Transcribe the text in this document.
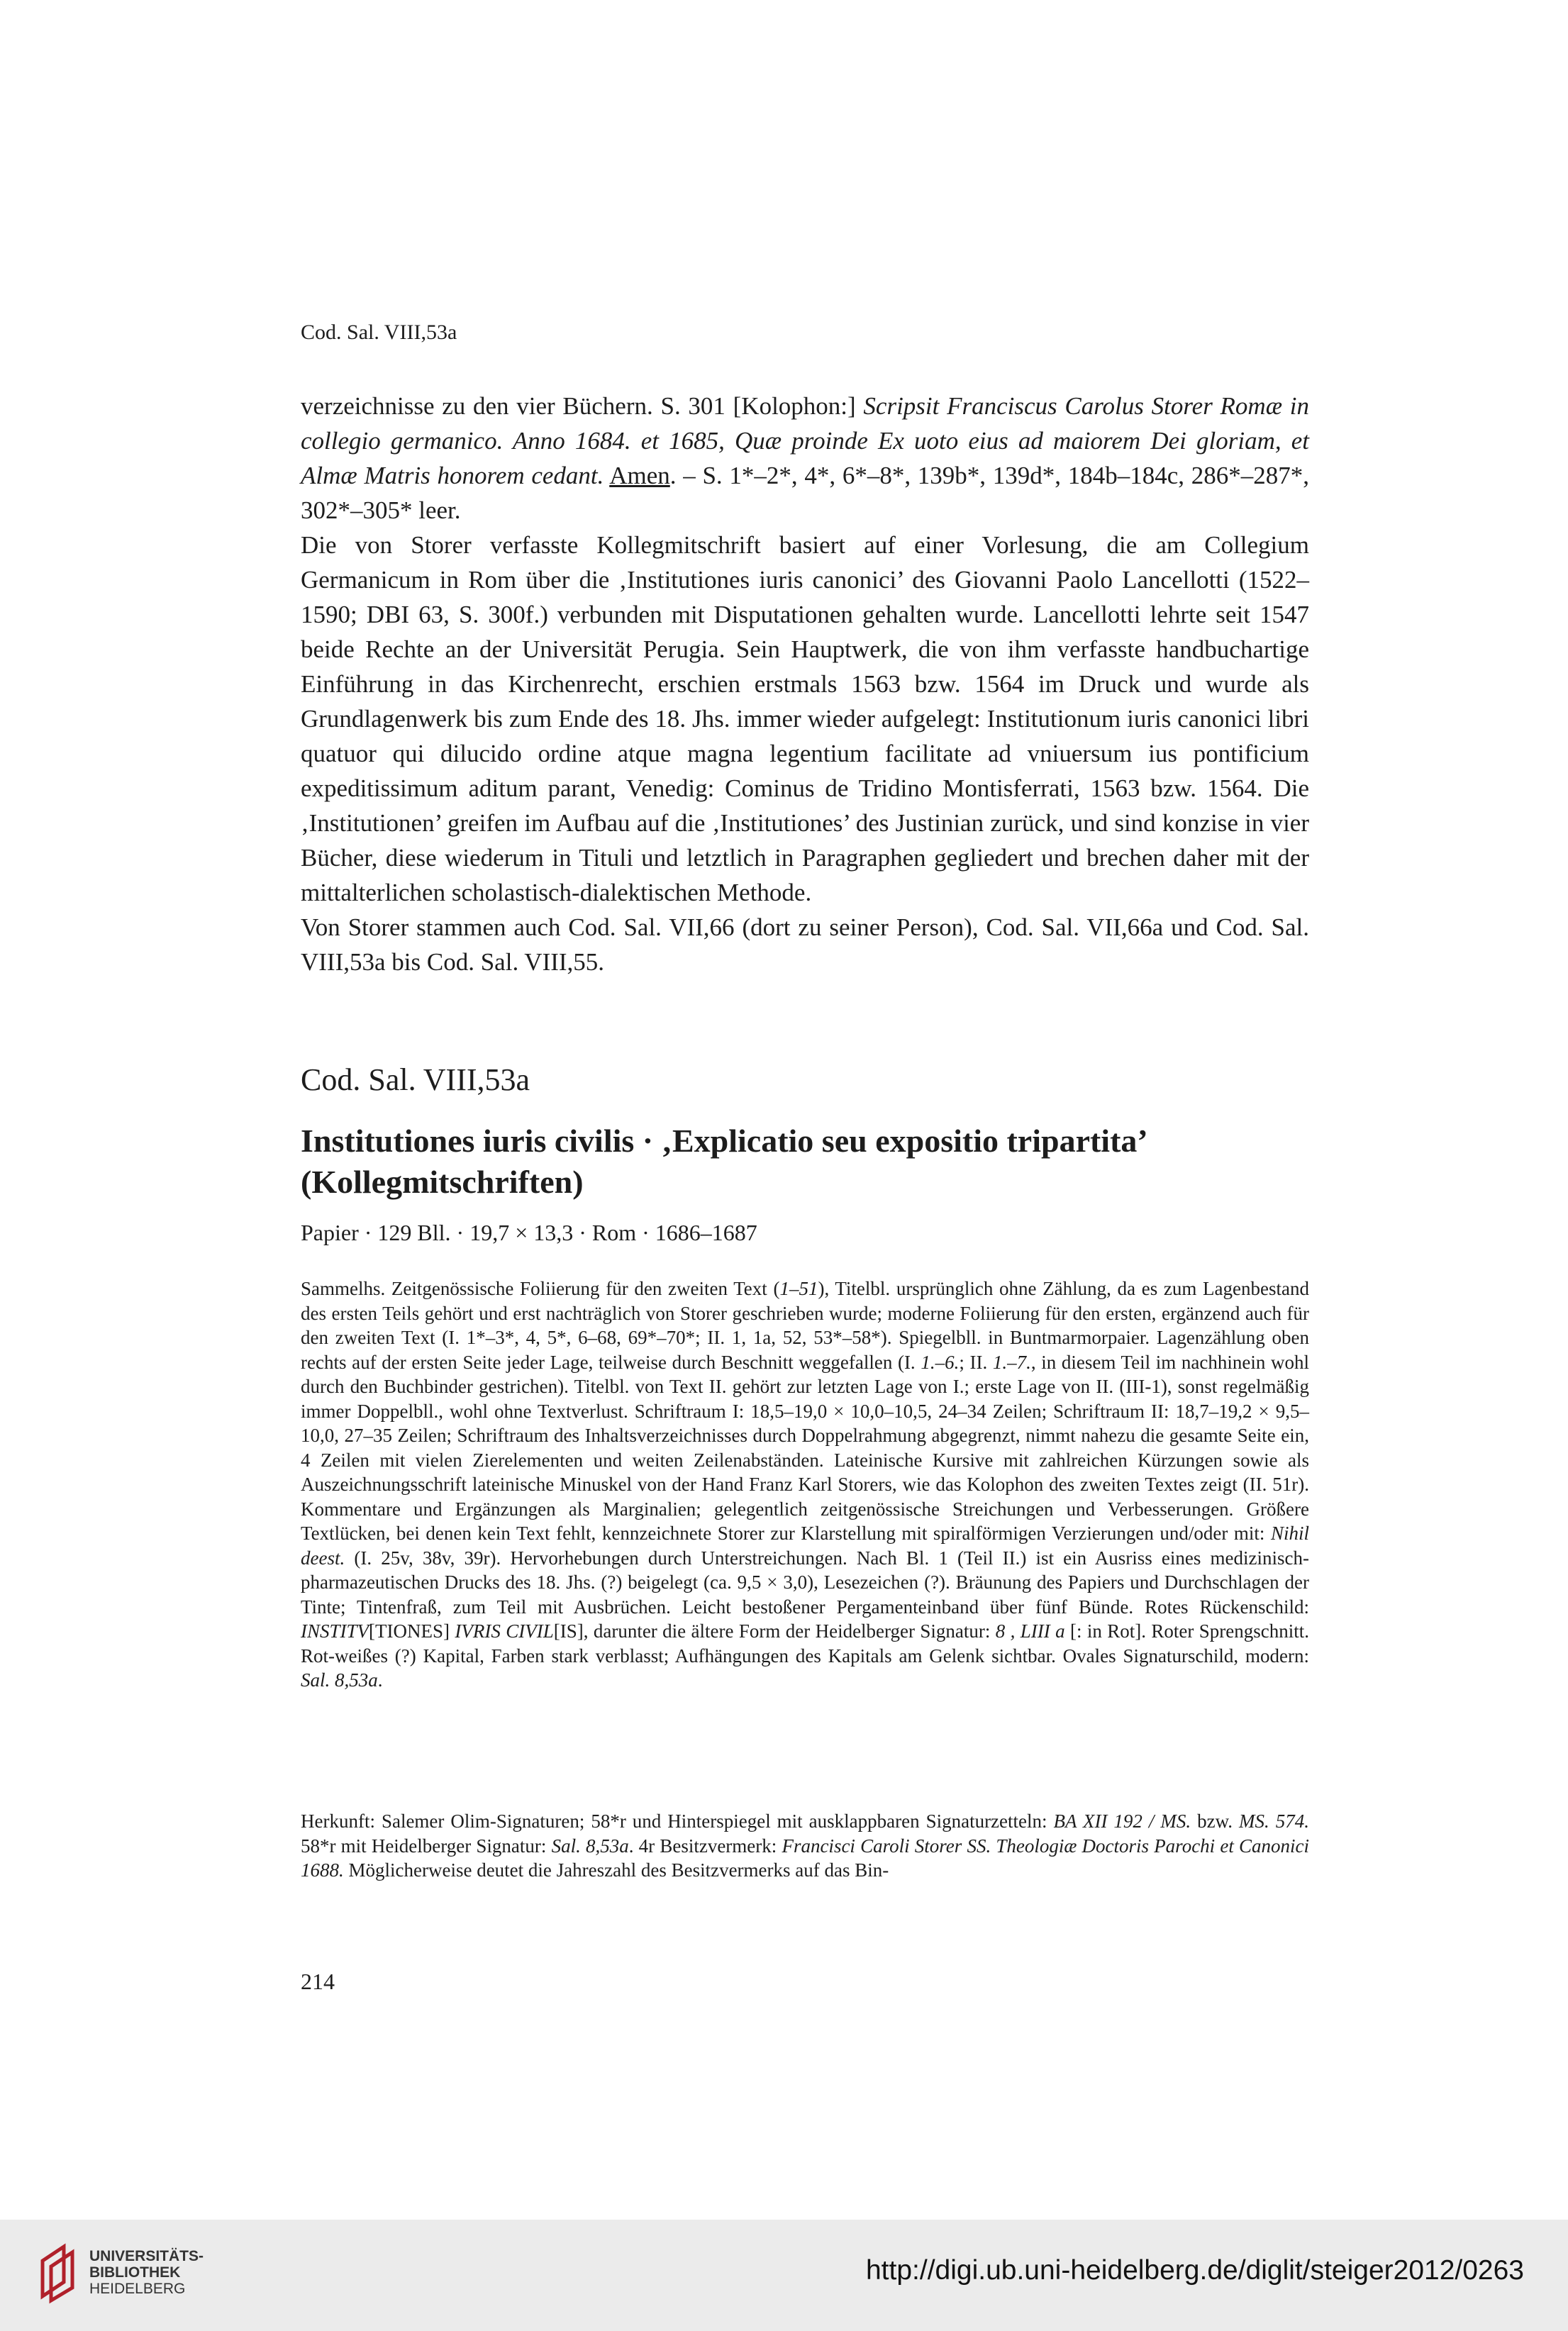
Cod. Sal. VIII,53a

verzeichnisse zu den vier Büchern. S. 301 [Kolophon:] Scripsit Franciscus Carolus Storer Romæ in collegio germanico. Anno 1684. et 1685, Quæ proinde Ex uoto eius ad maiorem Dei gloriam, et Almæ Matris honorem cedant. Amen. – S. 1*–2*, 4*, 6*–8*, 139b*, 139d*, 184b–184c, 286*–287*, 302*–305* leer.

Die von Storer verfasste Kollegmitschrift basiert auf einer Vorlesung, die am Collegium Germanicum in Rom über die ‚Institutiones iuris canonici’ des Giovanni Paolo Lancellotti (1522–1590; DBI 63, S. 300f.) verbunden mit Disputationen gehalten wurde. Lancellotti lehrte seit 1547 beide Rechte an der Universität Perugia. Sein Hauptwerk, die von ihm verfasste handbuchartige Einführung in das Kirchenrecht, erschien erstmals 1563 bzw. 1564 im Druck und wurde als Grundlagenwerk bis zum Ende des 18. Jhs. immer wieder aufgelegt: Institutionum iuris canonici libri quatuor qui dilucido ordine atque magna legentium facilitate ad vniuersum ius pontificium expeditissimum aditum parant, Venedig: Cominus de Tridino Montisferrati, 1563 bzw. 1564. Die ‚Institutionen’ greifen im Aufbau auf die ‚Institutiones’ des Justinian zurück, und sind konzise in vier Bücher, diese wiederum in Tituli und letztlich in Paragraphen gegliedert und brechen daher mit der mittalterlichen scholastisch-dialektischen Methode.

Von Storer stammen auch Cod. Sal. VII,66 (dort zu seiner Person), Cod. Sal. VII,66a und Cod. Sal. VIII,53a bis Cod. Sal. VIII,55.

Cod. Sal. VIII,53a
Institutiones iuris civilis · ‚Explicatio seu expositio tripartita’ (Kollegmitschriften)
Papier · 129 Bll. · 19,7 × 13,3 · Rom · 1686–1687

Sammelhs. Zeitgenössische Foliierung für den zweiten Text (1–51), Titelbl. ursprünglich ohne Zählung, da es zum Lagenbestand des ersten Teils gehört und erst nachträglich von Storer geschrieben wurde; moderne Foliierung für den ersten, ergänzend auch für den zweiten Text (I. 1*–3*, 4, 5*, 6–68, 69*–70*; II. 1, 1a, 52, 53*–58*). Spiegelbll. in Buntmarmorpaier. Lagenzählung oben rechts auf der ersten Seite jeder Lage, teilweise durch Beschnitt weggefallen (I. 1.–6.; II. 1.–7., in diesem Teil im nachhinein wohl durch den Buchbinder gestrichen). Titelbl. von Text II. gehört zur letzten Lage von I.; erste Lage von II. (III-1), sonst regelmäßig immer Doppelbll., wohl ohne Textverlust. Schriftraum I: 18,5–19,0 × 10,0–10,5, 24–34 Zeilen; Schriftraum II: 18,7–19,2 × 9,5–10,0, 27–35 Zeilen; Schriftraum des Inhaltsverzeichnisses durch Doppelrahmung abgegrenzt, nimmt nahezu die gesamte Seite ein, 4 Zeilen mit vielen Zierelementen und weiten Zeilenabständen. Lateinische Kursive mit zahlreichen Kürzungen sowie als Auszeichnungsschrift lateinische Minuskel von der Hand Franz Karl Storers, wie das Kolophon des zweiten Textes zeigt (II. 51r). Kommentare und Ergänzungen als Marginalien; gelegentlich zeitgenössische Streichungen und Verbesserungen. Größere Textlücken, bei denen kein Text fehlt, kennzeichnete Storer zur Klarstellung mit spiralförmigen Verzierungen und/oder mit: Nihil deest. (I. 25v, 38v, 39r). Hervorhebungen durch Unterstreichungen. Nach Bl. 1 (Teil II.) ist ein Ausriss eines medizinisch-pharmazeutischen Drucks des 18. Jhs. (?) beigelegt (ca. 9,5 × 3,0), Lesezeichen (?). Bräunung des Papiers und Durchschlagen der Tinte; Tintenfraß, zum Teil mit Ausbrüchen. Leicht bestoßener Pergamenteinband über fünf Bünde. Rotes Rückenschild: INSTITV[TIONES] IVRIS CIVIL[IS], darunter die ältere Form der Heidelberger Signatur: 8 , LIII a [: in Rot]. Roter Sprengschnitt. Rot-weißes (?) Kapital, Farben stark verblasst; Aufhängungen des Kapitals am Gelenk sichtbar. Ovales Signaturschild, modern: Sal. 8,53a.

Herkunft: Salemer Olim-Signaturen; 58*r und Hinterspiegel mit ausklappbaren Signaturzetteln: BA XII 192 / MS. bzw. MS. 574. 58*r mit Heidelberger Signatur: Sal. 8,53a. 4r Besitzvermerk: Francisci Caroli Storer SS. Theologiæ Doctoris Parochi et Canonici 1688. Möglicherweise deutet die Jahreszahl des Besitzvermerks auf das Bin-
214
UNIVERSITÄTS-
BIBLIOTHEK
HEIDELBERG
http://digi.ub.uni-heidelberg.de/diglit/steiger2012/0263
